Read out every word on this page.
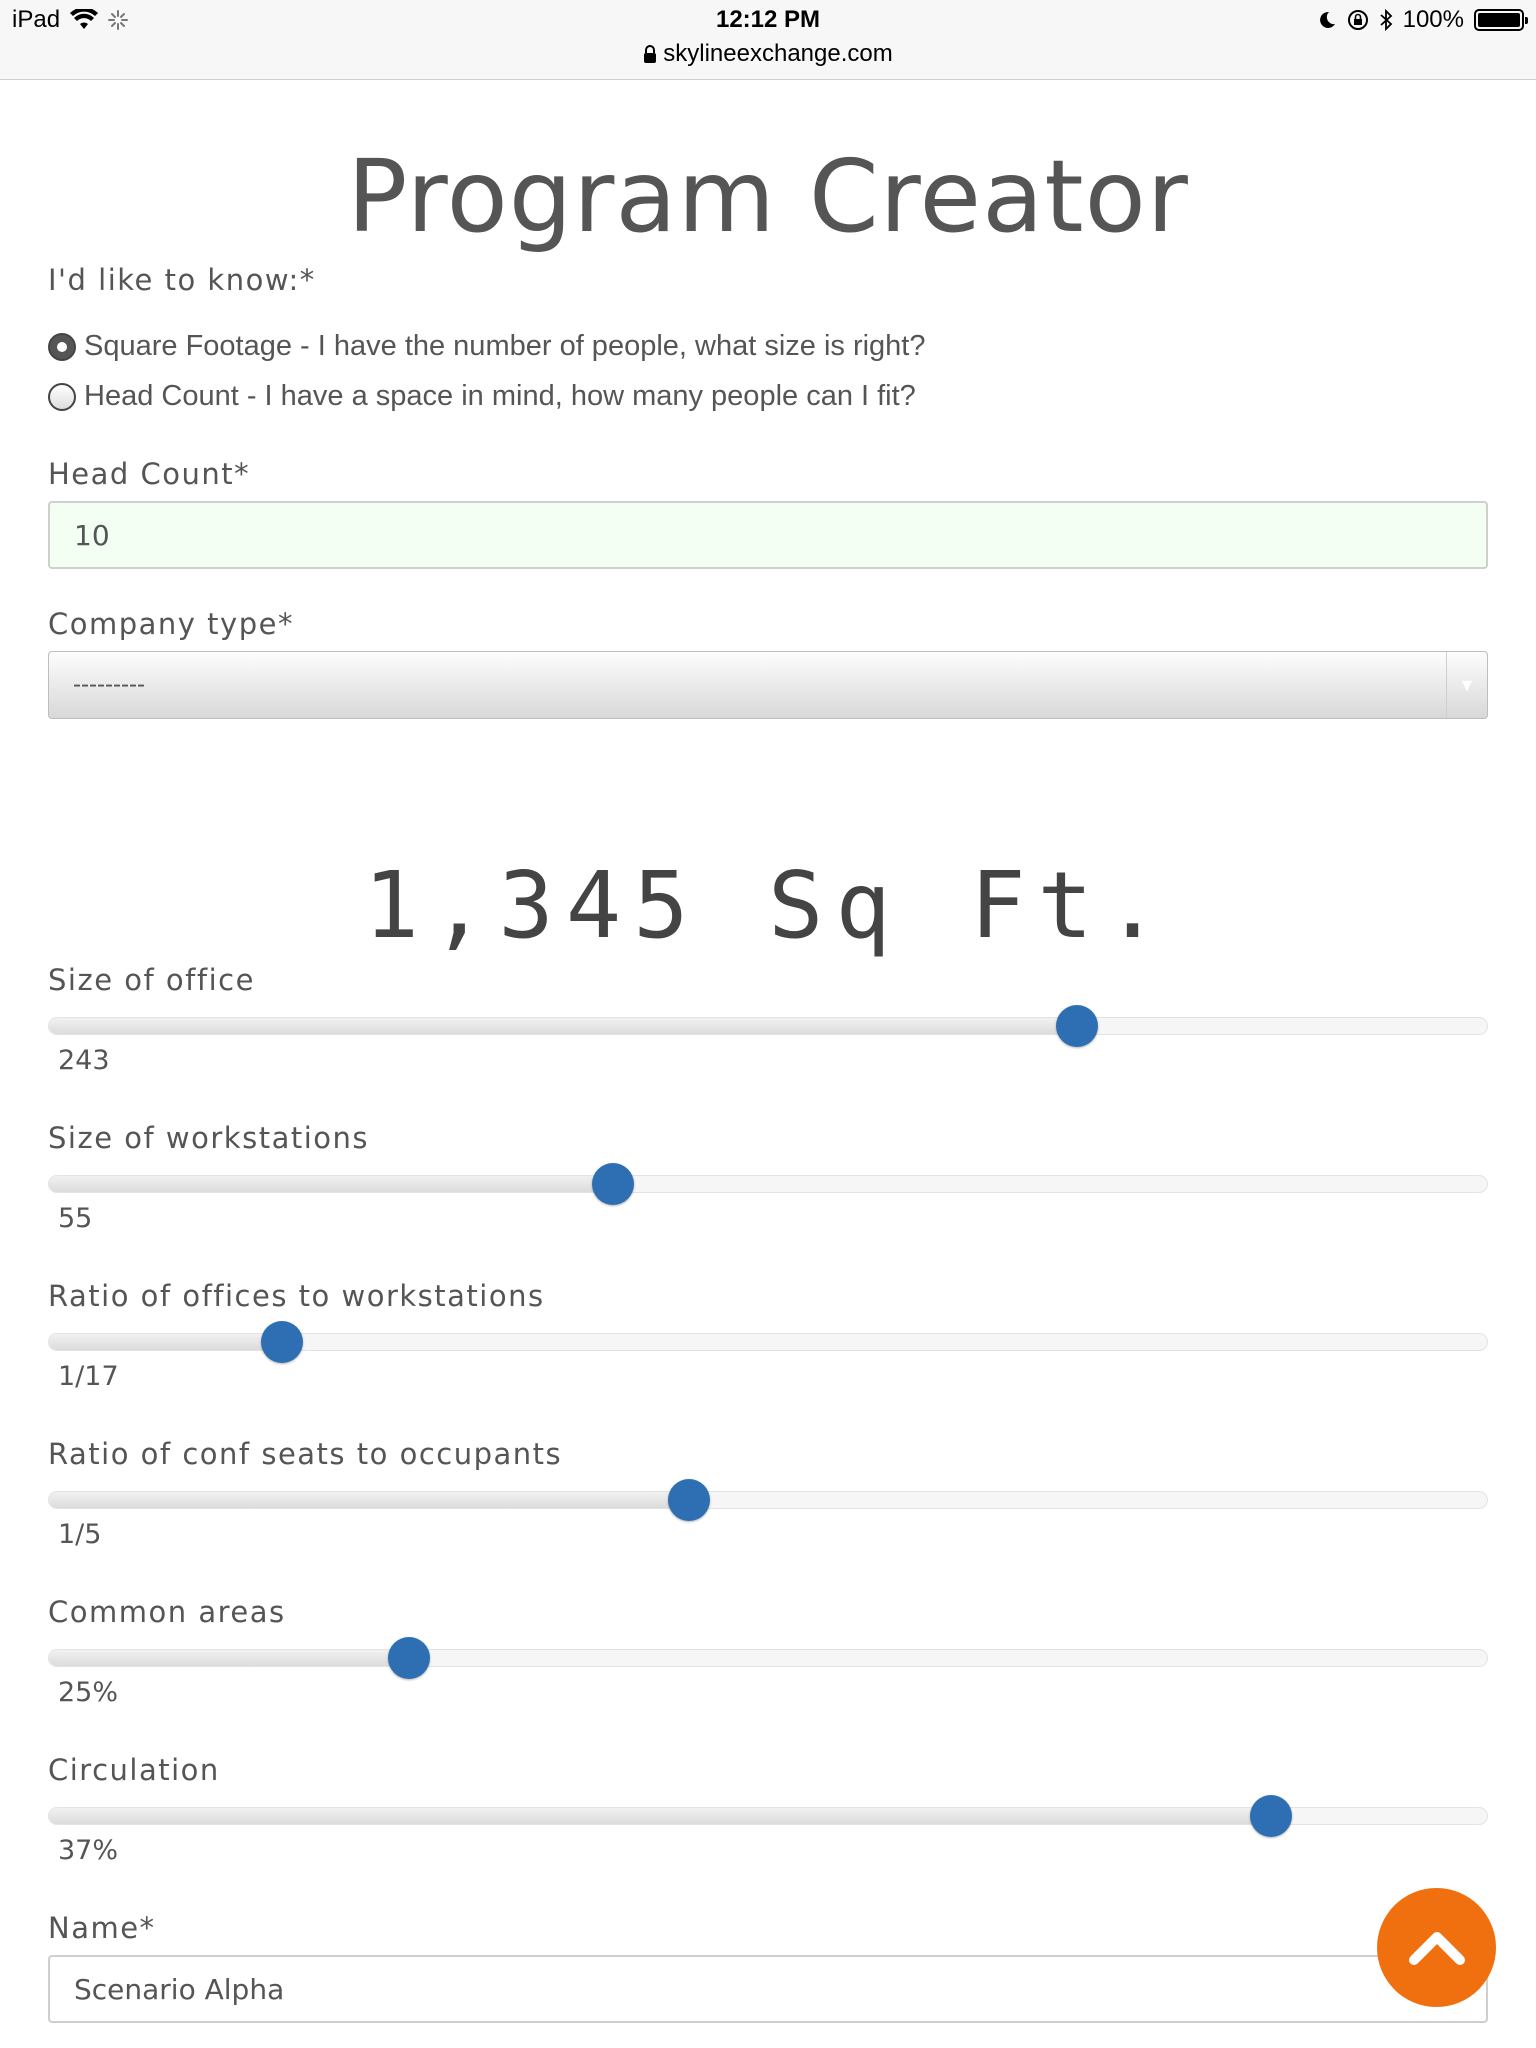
iPad	12:12 PM
skylineexchange.com
100%
Program Creator
I'd like to know:*
Square Footage - I have the number of people, what size is right?
Head Count - I have a space in mind, how many people can I fit?
Head Count*
10
Company type*
---------	▼
1,345 Sq Ft.
Size of office
243
Size of workstations
55
Ratio of offices to workstations
1/17
Ratio of conf seats to occupants
1/5
Common areas
25%
Circulation
37%
Name*
Scenario Alpha
